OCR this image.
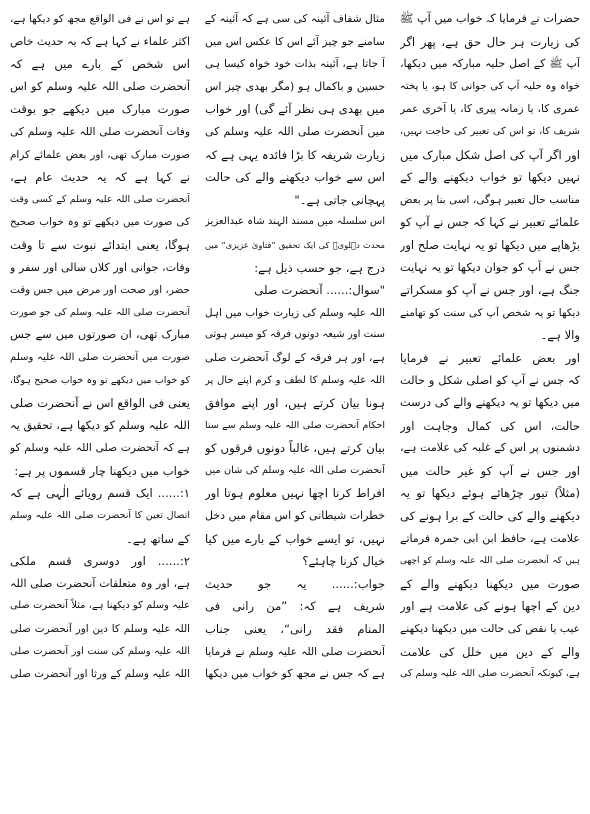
حضرات نے فرمایا کہ خواب میں آپ ﷺ
کی زیارت ہر حال حق ہے، پھر اگر
آپ ﷺ کے اصل حلیہ مبارکہ میں دیکھا،
خواہ وہ حلیہ آپ کی جوانی کا ہو، یا پختہ
عمری کا، یا زمانہ پیری کا، یا آخری عمر
شریف کا، تو اس کی تعبیر کی حاجت نہیں،
اور اگر آپ کی اصل شکل مبارک میں
نہیں دیکھا تو خواب دیکھنے والے کے
مناسب حال تعبیر ہوگی، اسی بنا پر بعض
علمائے تعبیر نے کہا کہ جس نے آپ کو
بڑھاپے میں دیکھا تو یہ نہایت صلح اور
جس نے آپ کو جوان دیکھا تو یہ نہایت
جنگ ہے، اور جس نے آپ کو مسکراتے
دیکھا تو یہ شخص آپ کی سنت کو تھامنے
والا ہے۔
اور بعض علمائے تعبیر نے فرمایا
کہ جس نے آپ کو اصلی شکل و حالت
میں دیکھا تو یہ دیکھنے والے کی درست
حالت، اس کی کمال وجاہت اور
دشمنوں پر اس کے غلبہ کی علامت ہے،
اور جس نے آپ کو غیر حالت میں
(مثلاً) تیور چڑھائے ہوئے دیکھا تو یہ
دیکھنے والے کی حالت کے برا ہونے کی
علامت ہے، حافظ ابن ابی جمرہ فرماتے
ہیں کہ آنحضرت صلی اللہ علیہ وسلم کو اچھی
صورت میں دیکھنا دیکھنے والے کے
دین کے اچھا ہونے کی علامت ہے اور
عیب یا نقص کی حالت میں دیکھنا دیکھنے
والے کے دین میں خلل کی علامت
ہے، کیونکہ آنحضرت صلی اللہ علیہ وسلم کی
مثال شفاف آئینہ کی سی ہے کہ آئینہ کے
سامنے جو چیز آئے اس کا عکس اس میں
آ جاتا ہے، آئینہ بذات خود خواہ کیسا ہی
حسین و باکمال ہو (مگر بھدی چیز اس
میں بھدی ہی نظر آئے گی) اور خواب
میں آنحضرت صلی اللہ علیہ وسلم کی
زیارت شریفہ کا بڑا فائدہ یہی ہے کہ
اس سے خواب دیکھنے والے کی حالت
پہچانی جاتی ہے۔"
اس سلسلہ میں مسند الہند شاہ عبدالعزیز
محدث دہلویؒ کی ایک تحقیق ”فتاویٰ عزیزی“ میں
درج ہے، جو حسب ذیل ہے:
"سوال:...... آنحضرت صلی
اللہ علیہ وسلم کی زیارت خواب میں اہل
سنت اور شیعہ دونوں فرقہ کو میسر ہوتی
ہے، اور ہر فرقہ کے لوگ آنحضرت صلی
اللہ علیہ وسلم کا لطف و کرم اپنے حال پر
ہونا بیان کرتے ہیں، اور اپنے موافق
احکام آنحضرت صلی اللہ علیہ وسلم سے سنا
بیان کرتے ہیں، غالباً دونوں فرقوں کو
آنحضرت صلی اللہ علیہ وسلم کی شان میں
افراط کرنا اچھا نہیں معلوم ہوتا اور
خطرات شیطانی کو اس مقام میں دخل
نہیں، تو ایسے خواب کے بارے میں کیا
خیال کرنا چاہئے؟
جواب:...... یہ جو حدیث
شریف ہے کہ: ”من رانی فی
المنام فقد رانی“، یعنی جناب
آنحضرت صلی اللہ علیہ وسلم نے فرمایا
ہے کہ جس نے مجھ کو خواب میں دیکھا
ہے تو اس نے فی الواقع مجھ کو دیکھا ہے،
اکثر علماء نے کہا ہے کہ یہ حدیث خاص
اس شخص کے بارے میں ہے کہ
آنحضرت صلی اللہ علیہ وسلم کو اس
صورت مبارک میں دیکھے جو بوقت
وفات آنحضرت صلی اللہ علیہ وسلم کی
صورت مبارک تھی، اور بعض علمائے کرام
نے کہا ہے کہ یہ حدیث عام ہے،
آنحضرت صلی اللہ علیہ وسلم کے کسی وقت
کی صورت میں دیکھے تو وہ خواب صحیح
ہوگا، یعنی ابتدائے نبوت سے تا وقت
وفات، جوانی اور کلاں سالی اور سفر و
حضر، اور صحت اور مرض میں جس وقت
آنحضرت صلی اللہ علیہ وسلم کی جو صورت
مبارک تھی، ان صورتوں میں سے جس
صورت میں آنحضرت صلی اللہ علیہ وسلم
کو خواب میں دیکھے تو وہ خواب صحیح ہوگا،
یعنی فی الواقع اس نے آنحضرت صلی
اللہ علیہ وسلم کو دیکھا ہے، تحقیق یہ
ہے کہ آنحضرت صلی اللہ علیہ وسلم کو
خواب میں دیکھنا چار قسموں پر ہے:
۱:...... ایک قسم رویائے الٰہی ہے کہ
اتصال تعین کا آنحضرت صلی اللہ علیہ وسلم
کے ساتھ ہے۔
۲:...... اور دوسری قسم ملکی
ہے، اور وہ متعلقات آنحضرت صلی اللہ
علیہ وسلم کو دیکھنا ہے، مثلاً آنحضرت صلی
اللہ علیہ وسلم کا دین اور آنحضرت صلی
اللہ علیہ وسلم کی سنت اور آنحضرت صلی
اللہ علیہ وسلم کے ورثا اور آنحضرت صلی
